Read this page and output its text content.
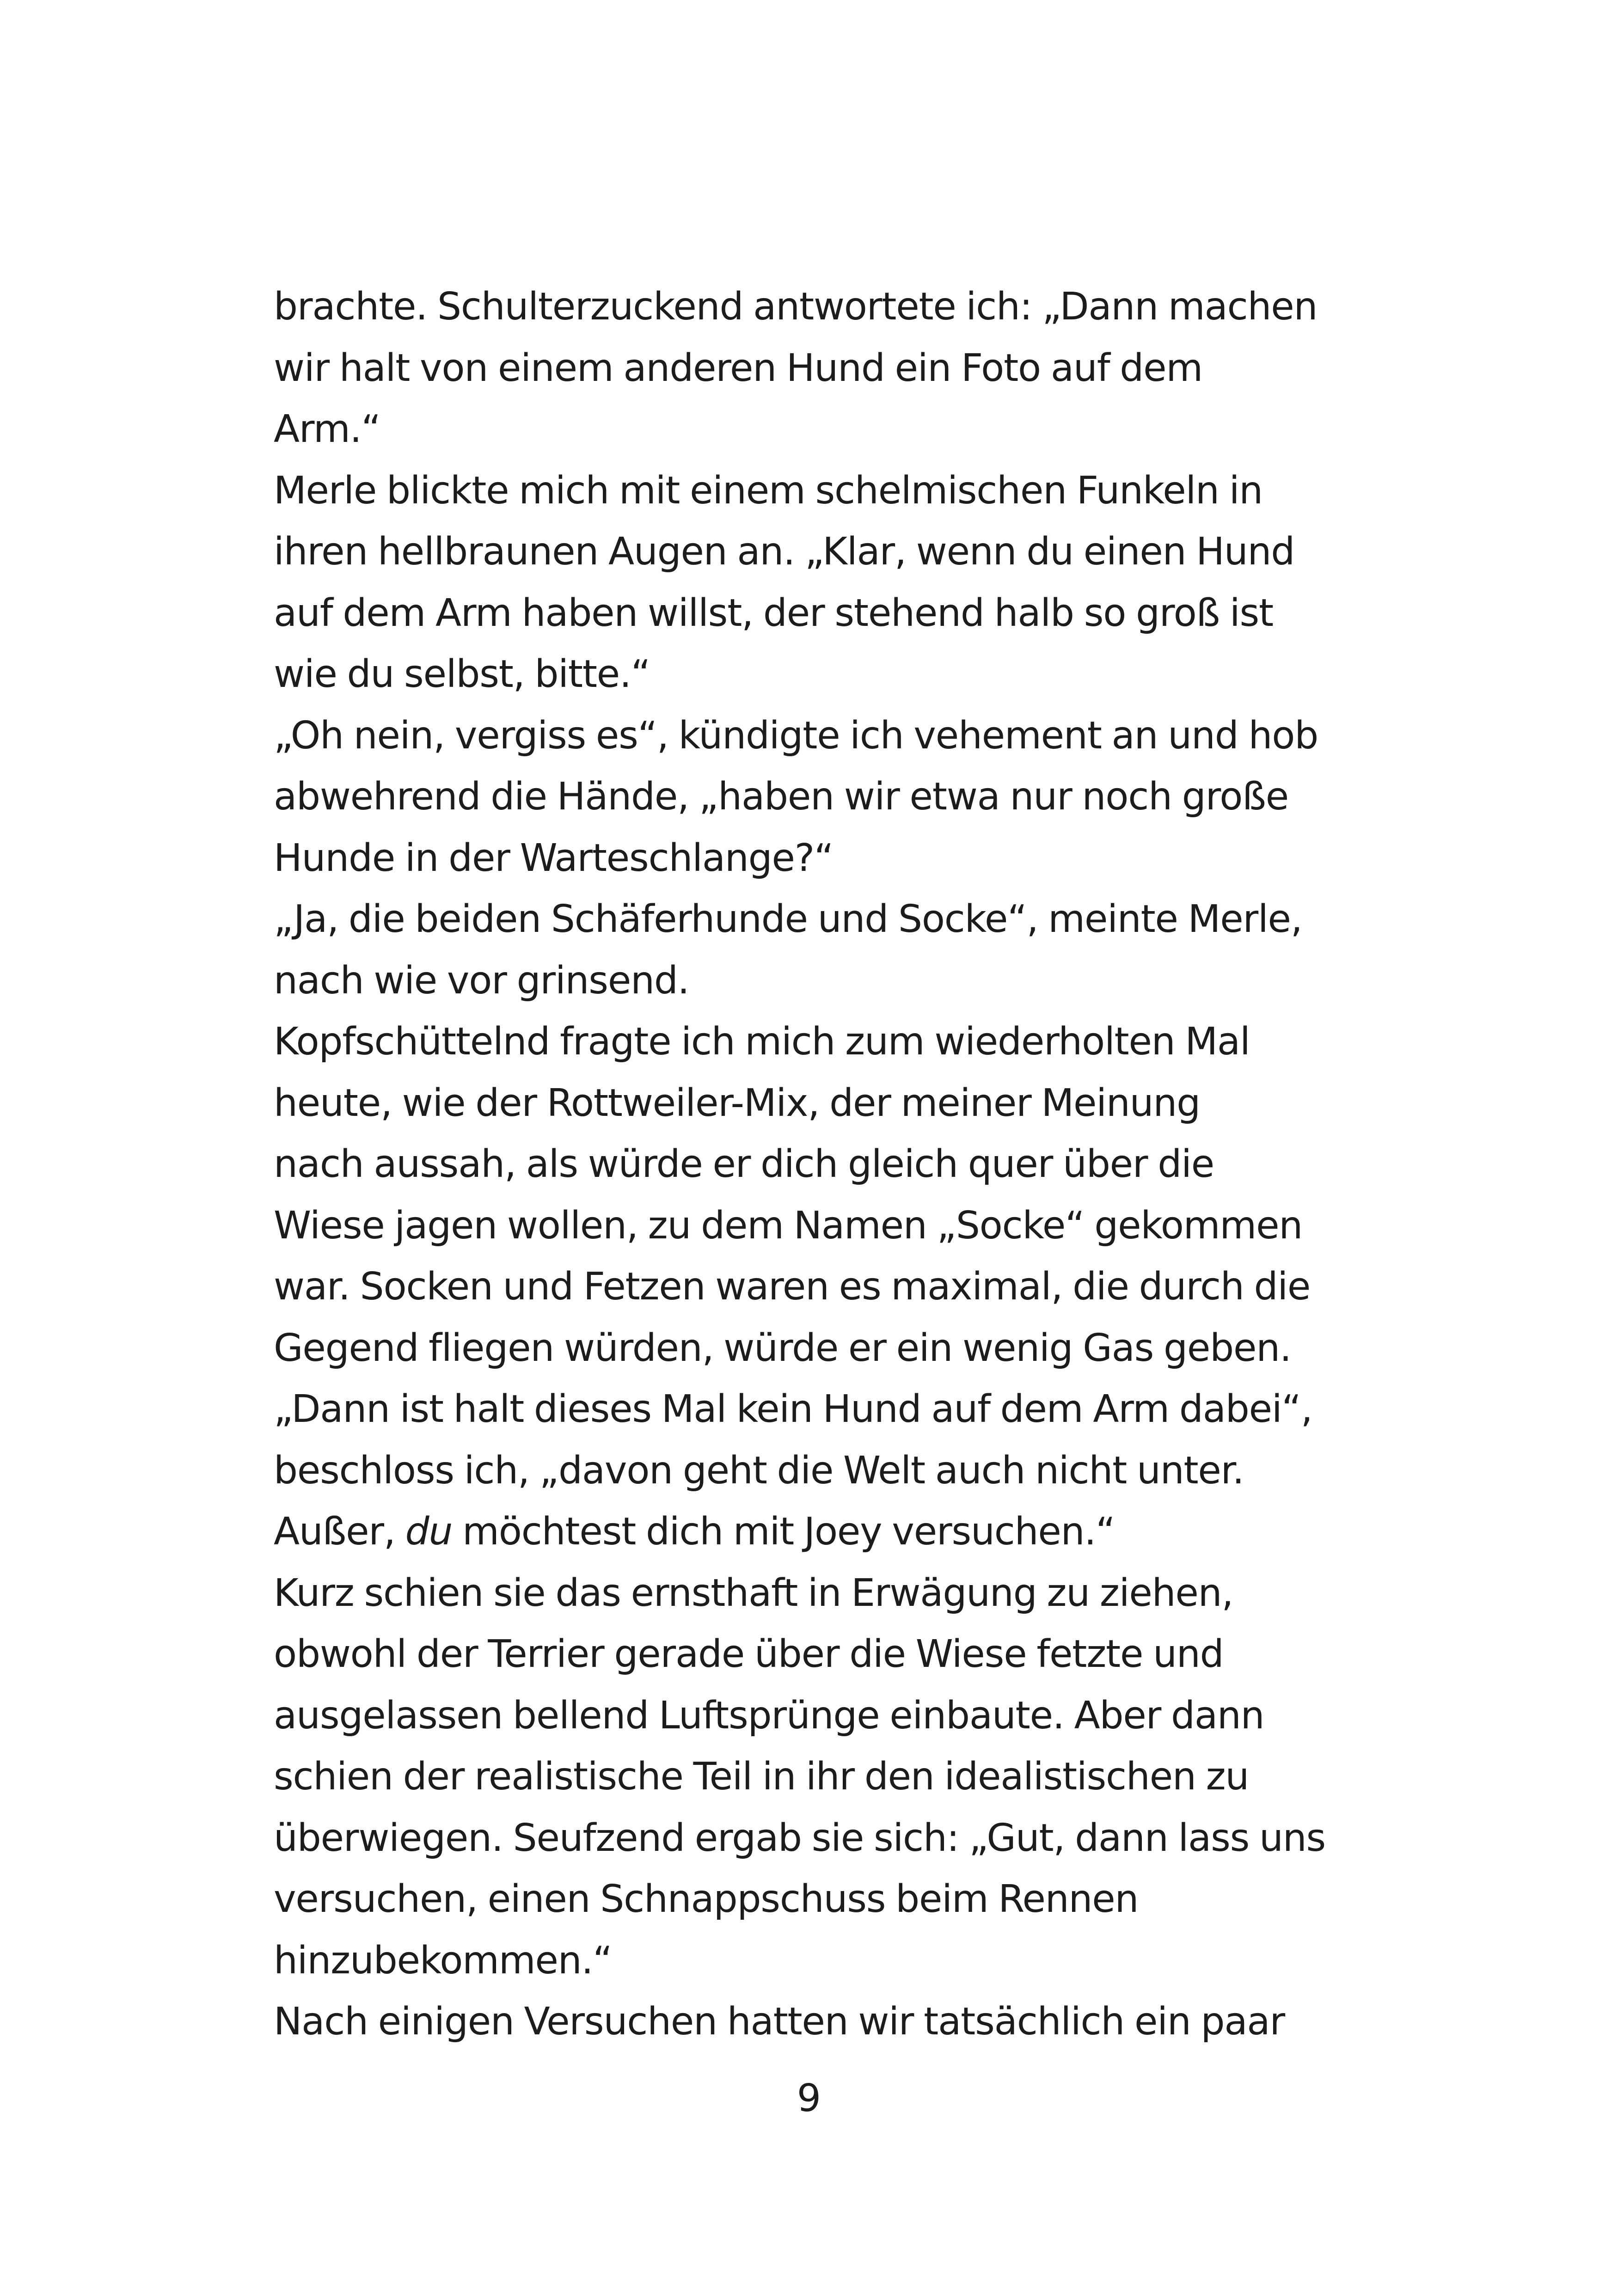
brachte. Schulterzuckend antwortete ich: „Dann machen
wir halt von einem anderen Hund ein Foto auf dem
Arm.“
Merle blickte mich mit einem schelmischen Funkeln in
ihren hellbraunen Augen an. „Klar, wenn du einen Hund
auf dem Arm haben willst, der stehend halb so groß ist
wie du selbst, bitte.“
„Oh nein, vergiss es“, kündigte ich vehement an und hob
abwehrend die Hände, „haben wir etwa nur noch große
Hunde in der Warteschlange?“
„Ja, die beiden Schäferhunde und Socke“, meinte Merle,
nach wie vor grinsend.
Kopfschüttelnd fragte ich mich zum wiederholten Mal
heute, wie der Rottweiler-Mix, der meiner Meinung
nach aussah, als würde er dich gleich quer über die
Wiese jagen wollen, zu dem Namen „Socke“ gekommen
war. Socken und Fetzen waren es maximal, die durch die
Gegend fliegen würden, würde er ein wenig Gas geben.
„Dann ist halt dieses Mal kein Hund auf dem Arm dabei“,
beschloss ich, „davon geht die Welt auch nicht unter.
Außer, du möchtest dich mit Joey versuchen.“
Kurz schien sie das ernsthaft in Erwägung zu ziehen,
obwohl der Terrier gerade über die Wiese fetzte und
ausgelassen bellend Luftsprünge einbaute. Aber dann
schien der realistische Teil in ihr den idealistischen zu
überwiegen. Seufzend ergab sie sich: „Gut, dann lass uns
versuchen, einen Schnappschuss beim Rennen
hinzubekommen.“
Nach einigen Versuchen hatten wir tatsächlich ein paar
9
